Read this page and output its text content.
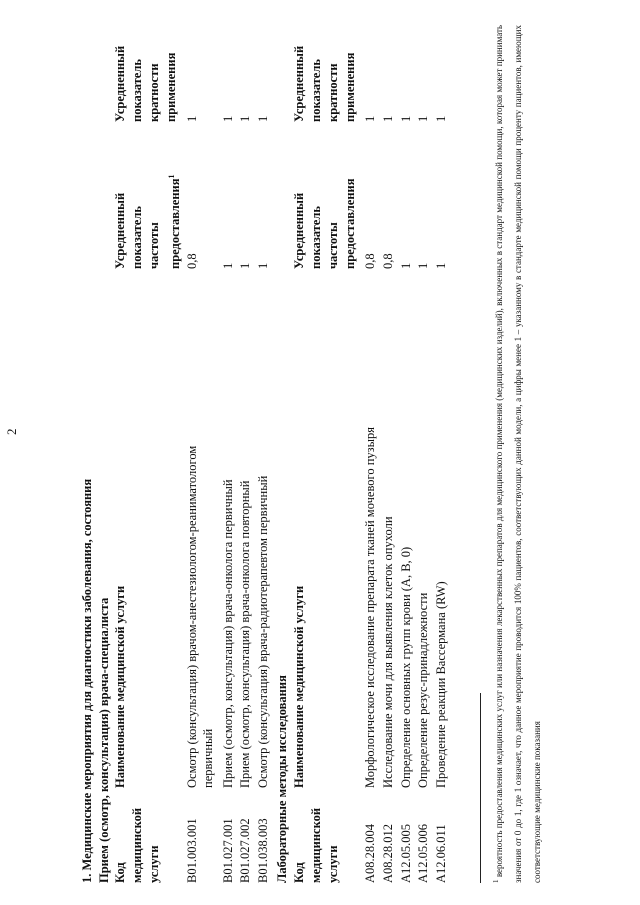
2
1. Медицинские мероприятия для диагностики заболевания, состояния Прием (осмотр, консультация) врача-специалиста Код медицинской услуги
Наименование медицинской услуги
Усредненный показатель частоты предоставления$^1$
Усредненный показатель кратности применения
B01.003.001
Осмотр (консультация) врачом-анестезиологом-реаниматологом первичный
0,8
1
B01.027.001
Прием (осмотр, консультация) врача-онколога первичный
1
1
B01.027.002
Прием (осмотр, консультация) врача-онколога повторный
1
1
B01.038.003
Осмотр (консультация) врача-радиотерапевтом первичный
1
1
Лабораторные методы исследования Код медицинской услуги
Наименование медицинской услуги
Усредненный показатель частоты предоставления
Усредненный показатель кратности применения
A08.28.004
Морфологическое исследование препарата тканей мочевого пузыря
0,8
1
A08.28.012
Исследование мочи для выявления клеток опухоли
0,8
1
A12.05.005
Определение основных групп крови (A, B, 0)
1
1
A12.05.006
Определение резус-принадлежности
1
1
A12.06.011
Проведение реакции Вассермана (RW)
1
1
$^1$ вероятность предоставления медицинских услуг или назначения лекарственных препаратов для медицинского применения (медицинских изделий), включенных в стандарт медицинской помощи, которая может принимать значения от 0 до 1, где 1 означает, что данное мероприятие проводится 100% пациентов, соответствующих данной модели, а цифры менее 1 – указанному в стандарте медицинской помощи проценту пациентов, имеющих соответствующие медицинские показания
